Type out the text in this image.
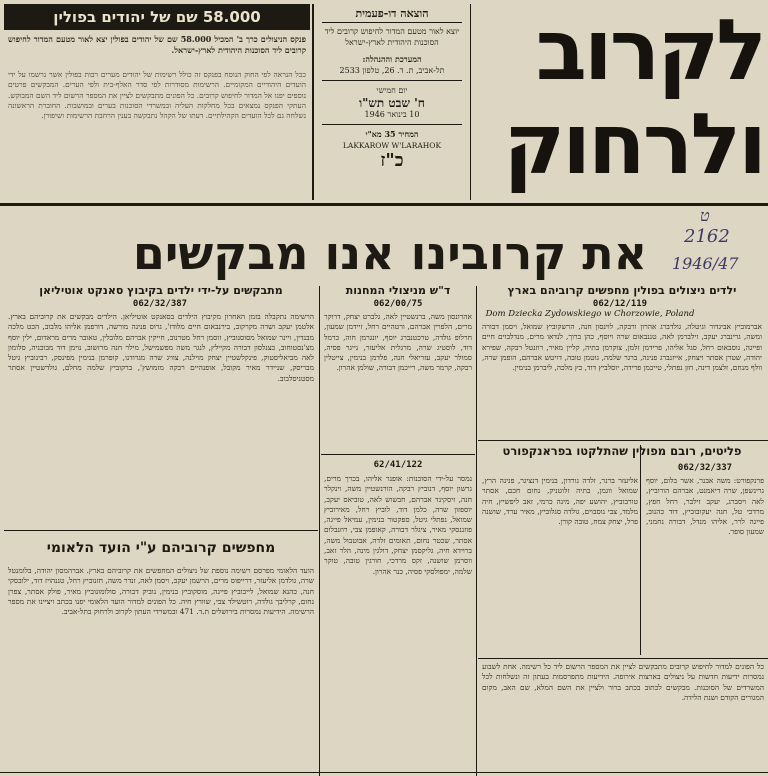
לקרוב
ולרחוק
הוצאה דו-פעמית
יוצא לאור מטעם המדור לחיפוש קרובים ליד הסוכנות היהודית לארץ-ישראל
המערכת וההנהלה:
תל-אביב, ת. ד. 26, טלפון 2533
יום חמישי
ח' שבט תש"ו
10 בינואר 1946
המחיר 35 מא"י
LAKKAROW W'LARAHOK
כ"ז
58.000 שם של יהודים בפולין
פנקס הניצולים כרך ב' המכיל 58.000 שם של יהודים בפולין יצא לאור מטעם המדור לחיפוש קרובים ליד הסוכנות היהודית לארץ-ישראל.
ככל הנראה לפי החוק הנוסח בפנקס זה כולל רשימות של יהודים מערים רבות בפולין אשר נרשמו על ידי הועדים היהודיים המקומיים. הרשימות מסודרות לפי סדר האלף-בית ולפי הערים. המבקשים פרטים נוספים יפנו אל המדור לחיפוש קרובים. כל הפונים מתבקשים לציין את המספר הרשום ליד השם המבוקש. העתקי הפנקס נמצאים בכל מחלקות העליה ובמשרדי הסוכנות בערים ובמושבות. החוברת הראשונה נשלחה גם לכל הועדים הקהילתיים. דעתו של הקהל נתבקשה בענין הרחבת הרשימות ושיפורן.
את קרובינו אנו מבקשים
ט
2162
1946/47
ילדים ניצולים בפולין מחפשים קרוביהם בארץ
062/12/119
Dom Dziecka Zydowskiego w Chorzowie, Poland
אברמוביץ אביגדור וגיטלה, גולדברג אהרון ורבקה, לוינסון חנה, הרשקוביץ שמואל, ויסמן דבורה ומשה, גרינברג יעקב, זילברמן לאה, טננבאום שרה ויוסף, כהן ברוך, לנדאו מרים, מנדלבוים חיים ופייגה, נוסבאום רחל, סגל אליהו, פרידמן זלמן, צוקרמן בתיה, קליין מאיר, רוזנטל רבקה, שפירא יהודה, שטרן אסתר ויצחק, אייזנברג פנינה, ברגר שלמה, גוטמן טובה, דויטש אברהם, הופמן שרה, וולף מנחם, זלצמן דינה, חזן נפתלי, טייכמן פרידה, יוסלביץ דוד, כץ מלכה, ליברמן בנימין.
ד"ש מניצולי המחנות
062/00/75
אהרונסון משה, ברנשטיין לאה, גלברט יצחק, דרוקר מרים, הלפרין אברהם, ורטהיים רחל, זיידמן שמעון, חרלופ גולדה, טרכטנברג יוסף, יונגרמן חוה, כרמל דוד, לוסטיג שרה, מרגלית אליעזר, נייגר פסיה, סמולר יעקב, עזריאלי חנה, פלדמן בנימין, צייטלין רבקה, קרמר משה, רייכמן דבורה, שולמן אהרון.
מתבקשים על-ידי ילדים בקיבוץ סאנקט אוטיליאן
062/32/387
הרשימה נתקבלה בזמן האחרון מקיבוץ הילדים בסאנקט אוטיליאן. הילדים מבקשים את קרוביהם בארץ. אלטמן יעקב ושרה מקרקוב, בירנבאום חיים מלודז', גרוס פנינה מורשה, דורפמן אליהו מלבוב, הכט מלכה מבנדין, ויינר שמואל מסוסנוביץ, זוסמן רחל מטרנוב, חייקין אברהם מלובלין, טאובר מרים מראדום, ילין יוסף מצ'נסטוחוב, כצנלסון דבורה מקיילץ, לנגר משה מפשמישל, מילר חנה מרזשוב, נוימן דוד מבוכניה, סלומון לאה מביאליסטוק, פינקלשטיין יצחק מוילנה, צוויג שרה מגרודנו, קופרמן בנימין מפינסק, רבינוביץ גיטל מבריסק, שניידר מאיר מקובל, אופנהיים רבקה מזמושץ', ברקוביץ שלמה מחלם, גולדשטיין אסתר מסטניסלבוב.
פליטים, רובם מפולין שהתלקטו בפראנקפורט
062/32/337
פרנקפורט: משה אבנר, אשר בלום, יוסף גרינשפן, שרה דיאמנט, אברהם הורוביץ, לאה ויסברג, יעקב זילבר, רחל חפץ, מרדכי טל, חנה יעקובוביץ, דוד כהנוב, פייגה לרר, אליהו מנדל, דבורה נחמני, שמעון סופר.
אליעזר ברנר, זלדה גורדון, בנימין דנציגר, פנינה הרץ, שמואל ווגמן, בתיה זלוטניק, נחום חכם, אסתר טורבוביץ, יהושע יפה, מינה כרמי, זאב ליפשיץ, חיה מלמד, צבי נוסבוים, גולדה סגלוביץ, מאיר ערד, שושנה פרל, יצחק צמח, טובה קורן.
כל הפונים למדור לחיפוש קרובים מתבקשים לציין את המספר הרשום ליד כל רשימה. אחת לשבוע נמסרות ידיעות חדשות על ניצולים בארצות אירופה. הידיעות מתפרסמות בעתון זה ונשלחות לכל המשרדים של הסוכנות. מבקשים לכתוב בכתב ברור ולציין את השם המלא, שם האב, מקום המגורים הקודם ושנת הלידה.
62/41/122
נמסר על-ידי הסוכנות: אופנר אליהו, בכרך מרים, גרשון יוסף, דנוביץ רבקה, הורנשטיין משה, וינקלר חנה, זיסקינד אברהם, חבשוש לאה, טוביאס יעקב, יוספזון שרה, כלמן דוד, לוביץ רחל, מאירוביץ שמואל, נפתלי גיטל, ספקטור בנימין, עמיאל פייגה, פוזננסקי מאיר, ציגלר דבורה, קאופמן צבי, רוזנבלום אסתר, שכטר נחום, תאומים זלדה, אבוטבול משה, ברוידא חיה, גליקסמן יצחק, דולגין מינה, הלר זאב, ווסרמן שושנה, זקס מרדכי, חורגין טובה, טוקר שלמה, ימפולסקי פסיה, כנר אהרון.
מחפשים קרוביהם ע"י הועד הלאומי
הועד הלאומי מפרסם רשימה נוספת של ניצולים המחפשים את קרוביהם בארץ. אברהמסון יהודה, בלומנטל שרה, גולדמן אליעזר, דרייפוס מרים, הרשמן יעקב, ויסמן לאה, זנדר משה, חזנוביץ רחל, טננהויז דוד, ילובסקי חנה, כהנא שמואל, לייבוביץ פייגה, מוסקוביץ בנימין, נוביק דבורה, סולומונוביץ מאיר, פולק אסתר, צפרן נחום, קרליבך גולדה, רוטשילד צבי, שוורץ חיה. כל הפונים למדור הועד הלאומי יפנו בכתב ויציינו את מספר הרשימה. הידיעות נמסרות בירושלים ת.ד. 471 ובמשרדי העתון לקרוב ולרחוק בתל-אביב.
